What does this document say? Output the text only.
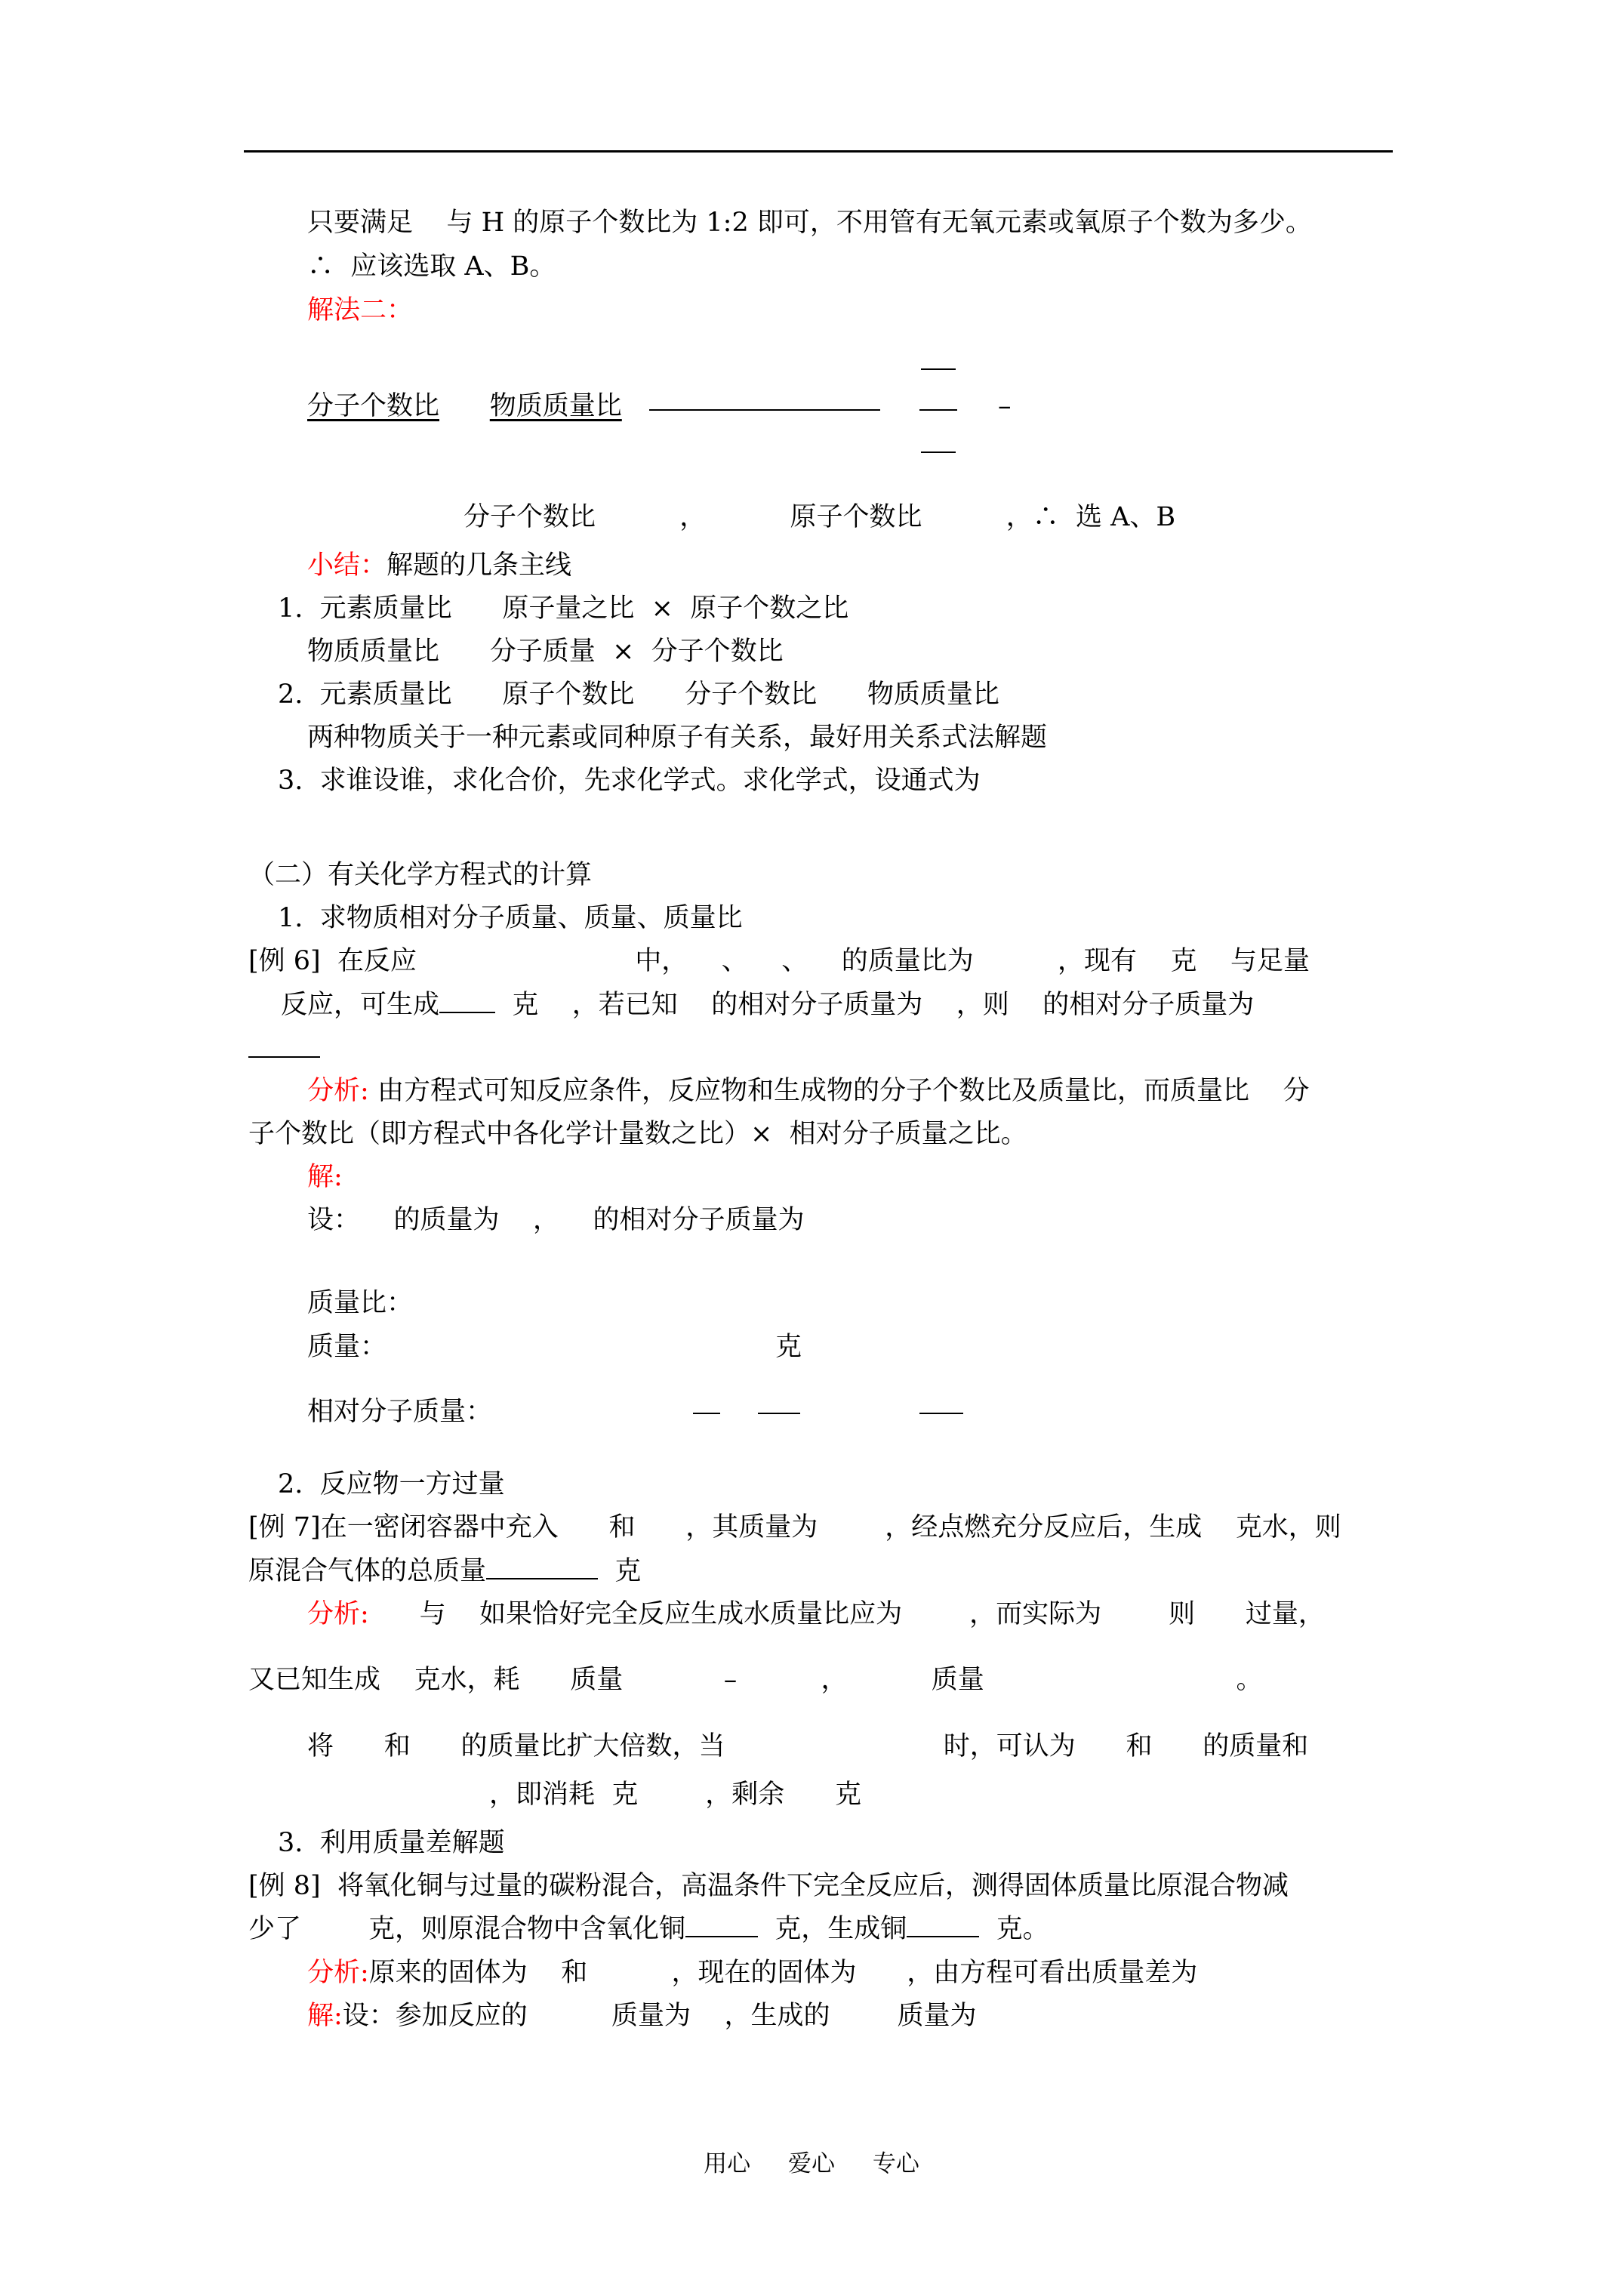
只要满足    与 H 的原子个数比为 1:2 即可，不用管有无氧元素或氧原子个数为多少。
∴  应该选取 A、B。
解法二：
分子个数比 物质质量比	–
分子个数比          ，          原子个数比          ，∴  选 A、B
小结：解题的几条主线
1.  元素质量比      原子量之比  ×  原子个数之比
物质质量比      分子质量  ×  分子个数比
2.  元素质量比      原子个数比      分子个数比      物质质量比
两种物质关于一种元素或同种原子有关系，最好用关系式法解题
3.  求谁设谁，求化合价，先求化学式。求化学式，设通式为
（二）有关化学方程式的计算
1.  求物质相对分子质量、质量、质量比
[例 6]  在反应                          中，    、    、    的质量比为          ，现有    克    与足量
反应，可生成	克    ，若已知    的相对分子质量为    ，则    的相对分子质量为
分析: 由方程式可知反应条件，反应物和生成物的分子个数比及质量比，而质量比    分
子个数比（即方程式中各化学计量数之比）×  相对分子质量之比。
解:
设：    的质量为    ，    的相对分子质量为
质量比：
质量：	克
相对分子质量：
2.  反应物一方过量
[例 7]在一密闭容器中充入      和      ，其质量为        ，经点燃充分反应后，生成    克水，则
原混合气体的总质量	克
分析: 与    如果恰好完全反应生成水质量比应为        ，而实际为        则      过量，
又已知生成    克水，耗      质量            –          ，          质量                              。
将      和      的质量比扩大倍数，当                          时，可认为      和      的质量和
，即消耗  克        ，剩余      克
3.  利用质量差解题
[例 8]  将氧化铜与过量的碳粉混合，高温条件下完全反应后，测得固体质量比原混合物减
少了        克，则原混合物中含氧化铜	克，生成铜	克。
分析:原来的固体为    和          ，现在的固体为      ，由方程可看出质量差为
解:设：参加反应的          质量为    ，生成的        质量为
用心 爱心 专心
